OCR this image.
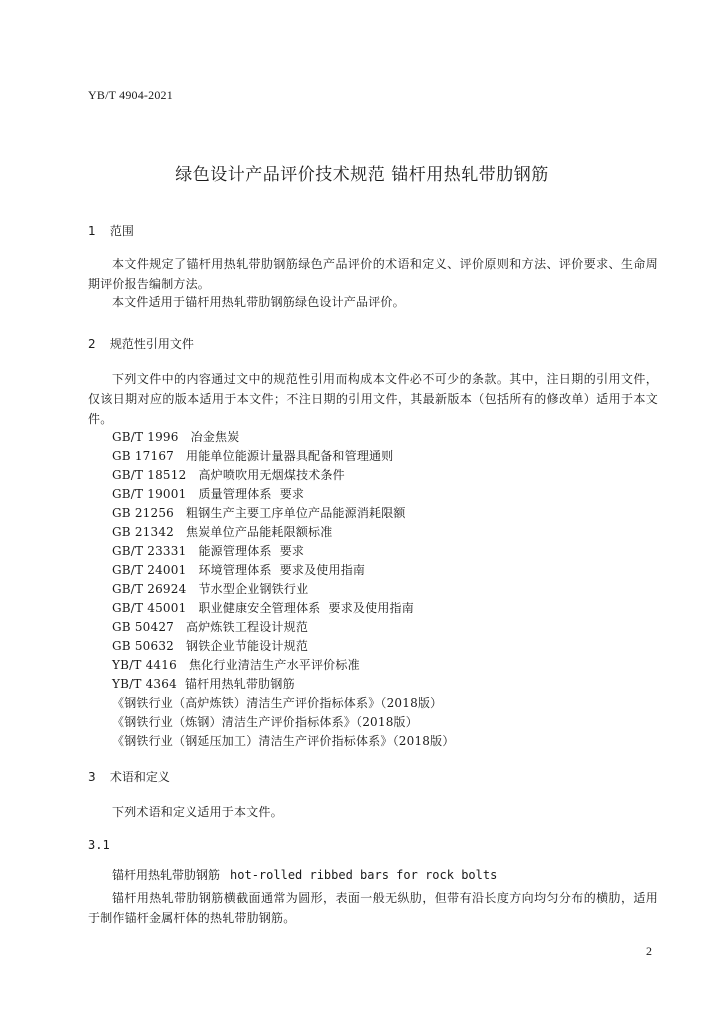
YB/T 4904-2021
绿色设计产品评价技术规范 锚杆用热轧带肋钢筋
1 范围
本文件规定了锚杆用热轧带肋钢筋绿色产品评价的术语和定义、评价原则和方法、评价要求、生命周期评价报告编制方法。
本文件适用于锚杆用热轧带肋钢筋绿色设计产品评价。
2 规范性引用文件
下列文件中的内容通过文中的规范性引用而构成本文件必不可少的条款。其中，注日期的引用文件，仅该日期对应的版本适用于本文件；不注日期的引用文件，其最新版本（包括所有的修改单）适用于本文件。
GB/T 1996   冶金焦炭
GB 17167   用能单位能源计量器具配备和管理通则
GB/T 18512   高炉喷吹用无烟煤技术条件
GB/T 19001   质量管理体系  要求
GB 21256   粗钢生产主要工序单位产品能源消耗限额
GB 21342   焦炭单位产品能耗限额标准
GB/T 23331   能源管理体系  要求
GB/T 24001   环境管理体系  要求及使用指南
GB/T 26924   节水型企业钢铁行业
GB/T 45001   职业健康安全管理体系  要求及使用指南
GB 50427   高炉炼铁工程设计规范
GB 50632   钢铁企业节能设计规范
YB/T 4416   焦化行业清洁生产水平评价标准
YB/T 4364  锚杆用热轧带肋钢筋
《钢铁行业（高炉炼铁）清洁生产评价指标体系》（2018版）
《钢铁行业（炼钢）清洁生产评价指标体系》（2018版）
《钢铁行业（钢延压加工）清洁生产评价指标体系》（2018版）
3 术语和定义
下列术语和定义适用于本文件。
3.1
锚杆用热轧带肋钢筋 hot-rolled ribbed bars for rock bolts
锚杆用热轧带肋钢筋横截面通常为圆形，表面一般无纵肋，但带有沿长度方向均匀分布的横肋，适用于制作锚杆金属杆体的热轧带肋钢筋。
2
